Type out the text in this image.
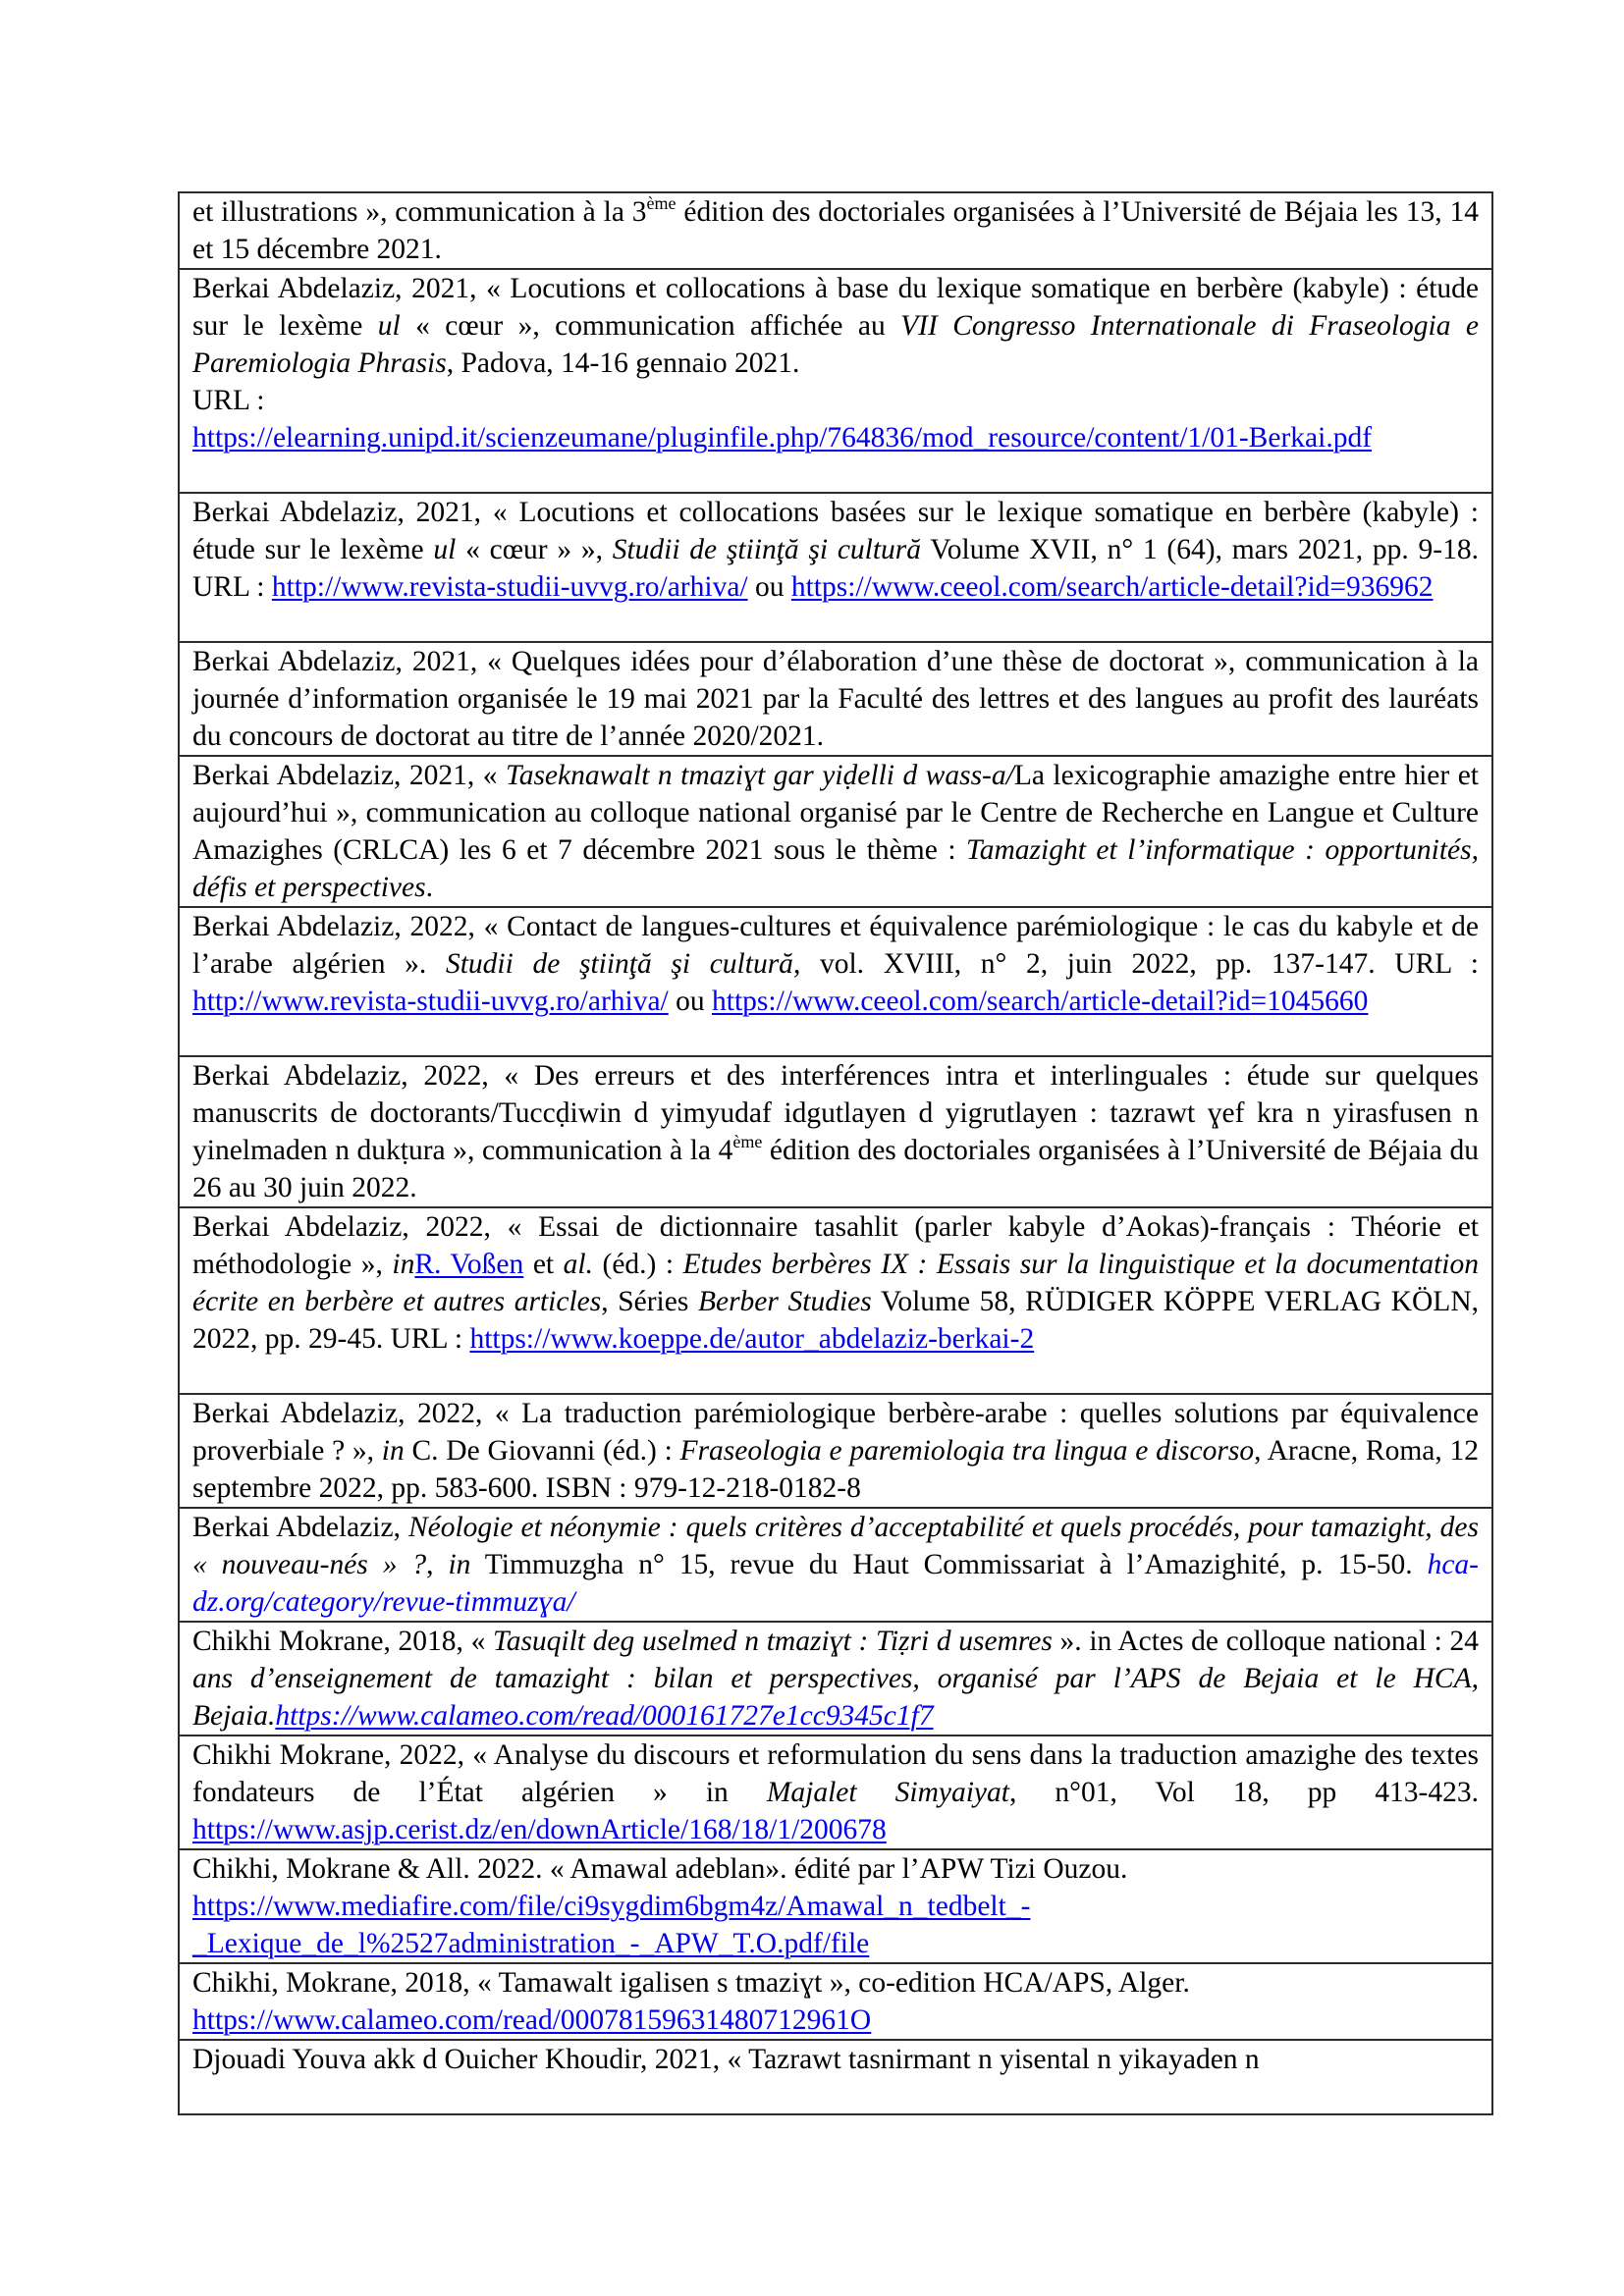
et illustrations », communication à la 3ème édition des doctoriales organisées à l’Université de Béjaia les 13, 14 et 15 décembre 2021.
Berkai Abdelaziz, 2021, « Locutions et collocations à base du lexique somatique en berbère (kabyle) : étude sur le lexème ul « cœur », communication affichée au VII Congresso Internationale di Fraseologia e Paremiologia Phrasis, Padova, 14-16 gennaio 2021.
URL :
https://elearning.unipd.it/scienzeumane/pluginfile.php/764836/mod_resource/content/1/01-Berkai.pdf
Berkai Abdelaziz, 2021, « Locutions et collocations basées sur le lexique somatique en berbère (kabyle) : étude sur le lexème ul « cœur » », Studii de ştiinţă şi cultură Volume XVII, n° 1 (64), mars 2021, pp. 9-18. URL : http://www.revista-studii-uvvg.ro/arhiva/ ou https://www.ceeol.com/search/article-detail?id=936962
Berkai Abdelaziz, 2021, « Quelques idées pour d’élaboration d’une thèse de doctorat », communication à la journée d’information organisée le 19 mai 2021 par la Faculté des lettres et des langues au profit des lauréats du concours de doctorat au titre de l’année 2020/2021.
Berkai Abdelaziz, 2021, « Taseknawalt n tmaziɣt gar yiḍelli d wass-a/La lexicographie amazighe entre hier et aujourd’hui », communication au colloque national organisé par le Centre de Recherche en Langue et Culture Amazighes (CRLCA) les 6 et 7 décembre 2021 sous le thème : Tamazight et l’informatique : opportunités, défis et perspectives.
Berkai Abdelaziz, 2022, « Contact de langues-cultures et équivalence parémiologique : le cas du kabyle et de l’arabe algérien ». Studii de ştiinţă şi cultură, vol. XVIII, n° 2, juin 2022, pp. 137-147. URL : http://www.revista-studii-uvvg.ro/arhiva/ ou https://www.ceeol.com/search/article-detail?id=1045660
Berkai Abdelaziz, 2022, « Des erreurs et des interférences intra et interlinguales : étude sur quelques manuscrits de doctorants/Tuccḍiwin d yimyudaf idgutlayen d yigrutlayen : tazrawt ɣef kra n yirasfusen n yinelmaden n dukṭura », communication à la 4ème édition des doctoriales organisées à l’Université de Béjaia du 26 au 30 juin 2022.
Berkai Abdelaziz, 2022, « Essai de dictionnaire tasahlit (parler kabyle d’Aokas)-français : Théorie et méthodologie », inR. Voßen et al. (éd.) : Etudes berbères IX : Essais sur la linguistique et la documentation écrite en berbère et autres articles, Séries Berber Studies Volume 58, RÜDIGER KÖPPE VERLAG KÖLN, 2022, pp. 29-45. URL : https://www.koeppe.de/autor_abdelaziz-berkai-2
Berkai Abdelaziz, 2022, « La traduction parémiologique berbère-arabe : quelles solutions par équivalence proverbiale ? », in C. De Giovanni (éd.) : Fraseologia e paremiologia tra lingua e discorso, Aracne, Roma, 12 septembre 2022, pp. 583-600. ISBN : 979-12-218-0182-8
Berkai Abdelaziz, Néologie et néonymie : quels critères d’acceptabilité et quels procédés, pour tamazight, des « nouveau-nés » ?, in Timmuzgha n° 15, revue du Haut Commissariat à l’Amazighité, p. 15-50. hca-dz.org/category/revue-timmuzɣa/
Chikhi Mokrane, 2018, « Tasuqilt deg uselmed n tmaziɣt : Tiẓri d usemres ». in Actes de colloque national : 24 ans d’enseignement de tamazight : bilan et perspectives, organisé par l’APS de Bejaia et le HCA, Bejaia.https://www.calameo.com/read/000161727e1cc9345c1f7
Chikhi Mokrane, 2022, « Analyse du discours et reformulation du sens dans la traduction amazighe des textes fondateurs de l’État algérien » in Majalet Simyaiyat, n°01, Vol 18, pp 413-423. https://www.asjp.cerist.dz/en/downArticle/168/18/1/200678
Chikhi, Mokrane & All. 2022. « Amawal adeblan». édité par l’APW Tizi Ouzou.
https://www.mediafire.com/file/ci9sygdim6bgm4z/Amawal_n_tedbelt_-
_Lexique_de_l%2527administration_-_APW_T.O.pdf/file
Chikhi, Mokrane, 2018, « Tamawalt igalisen s tmaziɣt », co-edition HCA/APS, Alger.
https://www.calameo.com/read/00078159631480712961O
Djouadi Youva akk d Ouicher Khoudir, 2021, « Tazrawt tasnirmant n yisental n yikayaden n
